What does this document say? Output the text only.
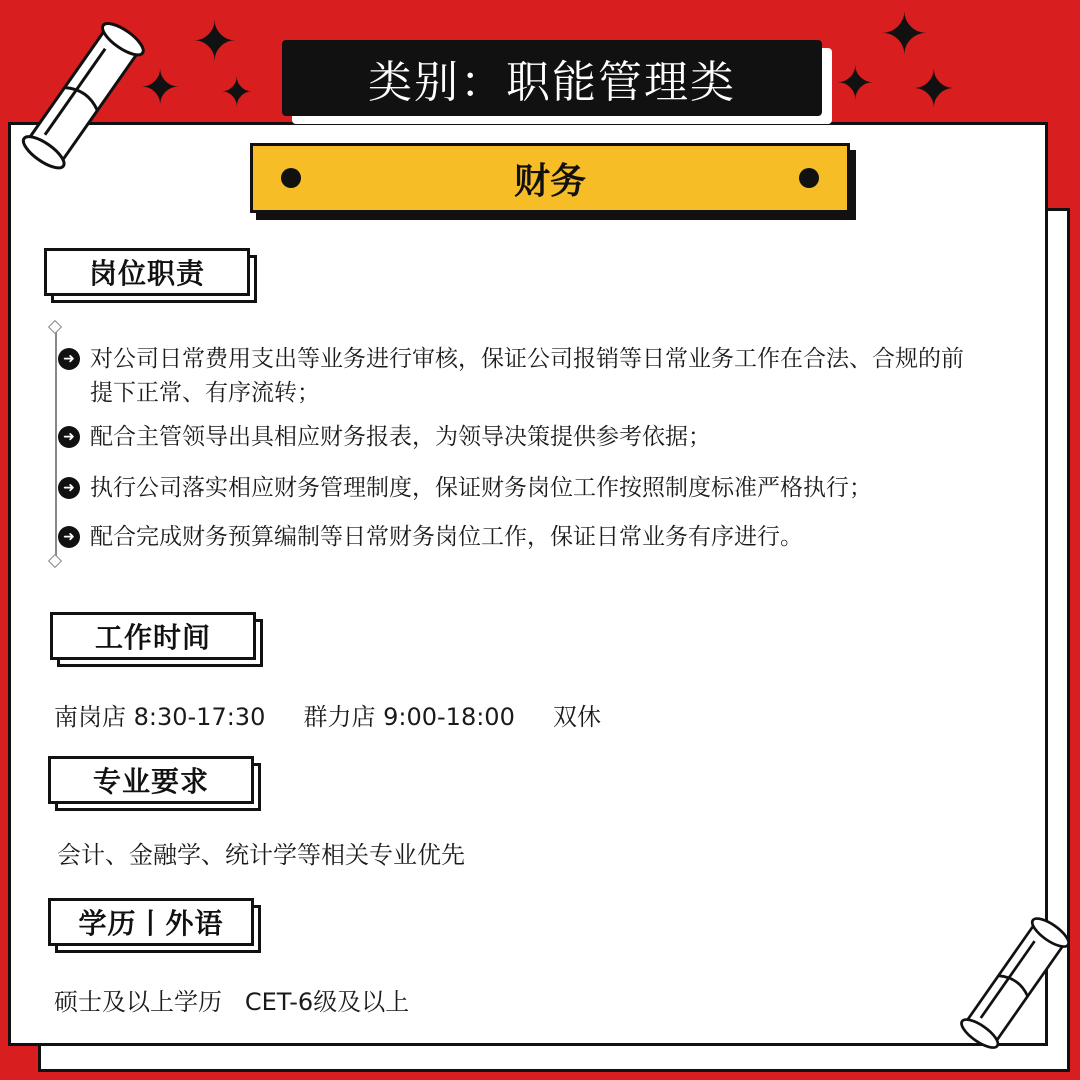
✦
✦ ✦
✦
✦ ✦
类别：职能管理类
财务
岗位职责
➜ 对公司日常费用支出等业务进行审核，保证公司报销等日常业务工作在合法、合规的前提下正常、有序流转；
➜ 配合主管领导出具相应财务报表，为领导决策提供参考依据；
➜ 执行公司落实相应财务管理制度，保证财务岗位工作按照制度标准严格执行；
➜ 配合完成财务预算编制等日常财务岗位工作，保证日常业务有序进行。
工作时间
南岗店 8:30-17:30     群力店 9:00-18:00     双休
专业要求
会计、金融学、统计学等相关专业优先
学历丨外语
硕士及以上学历   CET-6级及以上
